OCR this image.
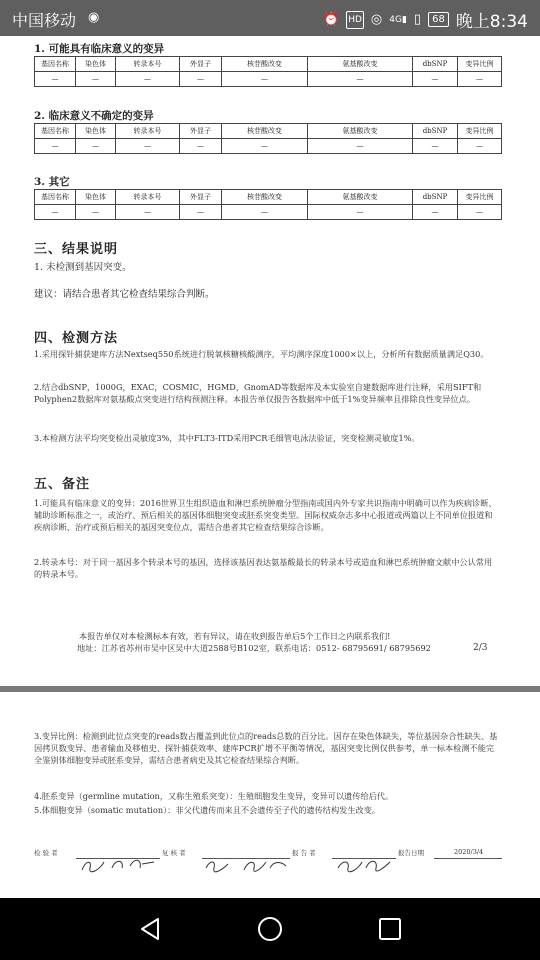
中国移动 ◉	⏰ HD ◎ 4G▮ ▯	68 晚上8:34
1. 可能具有临床意义的变异
基因名称	染色体	转录本号	外显子	核苷酸改变	氨基酸改变	dbSNP	变异比例
—	—	—	—	—	—	—	—
2. 临床意义不确定的变异
基因名称	染色体	转录本号	外显子	核苷酸改变	氨基酸改变	dbSNP	变异比例
—	—	—	—	—	—	—	—
3. 其它
基因名称	染色体	转录本号	外显子	核苷酸改变	氨基酸改变	dbSNP	变异比例
—	—	—	—	—	—	—	—
三、结果说明
1. 未检测到基因突变。
建议：请结合患者其它检查结果综合判断。
四、检测方法
1.采用探针捕获建库方法Nextseq550系统进行脱氧核糖核酸测序，平均测序深度1000×以上，分析所有数据质量满足Q30。
2.结合dbSNP，1000G，EXAC，COSMIC，HGMD，GnomAD等数据库及本实验室自建数据库进行注释，采用SIFT和Polyphen2数据库对氨基酸点突变进行结构预测注释。本报告单仅报告各数据库中低于1%变异频率且排除良性变异位点。
3.本检测方法平均突变检出灵敏度3%，其中FLT3-ITD采用PCR毛细管电泳法验证，突变检测灵敏度1%。
五、备注
1.可能具有临床意义的变异：2016世界卫生组织造血和淋巴系统肿瘤分型指南或国内外专家共识指南中明确可以作为疾病诊断、辅助诊断标准之一，或治疗、预后相关的基因体细胞突变或胚系突变类型。国际权威杂志多中心报道或两篇以上不同单位报道和疾病诊断、治疗或预后相关的基因突变位点，需结合患者其它检查结果综合诊断。
2.转录本号：对于同一基因多个转录本号的基因，选择该基因表达氨基酸最长的转录本号或造血和淋巴系统肿瘤文献中公认常用的转录本号。
本报告单仅对本检测标本有效，若有异议，请在收到报告单后5个工作日之内联系我们!
地址：江苏省苏州市吴中区吴中大道2588号B102室，联系电话：0512- 68795691/ 68795692	2/3
3.变异比例：检测到此位点突变的reads数占覆盖到此位点的reads总数的百分比。因存在染色体缺失，等位基因杂合性缺失、基因拷贝数变异、患者输血及移植史、探针捕获效率、建库PCR扩增不平衡等情况，基因突变比例仅供参考，单一标本检测不能完全鉴别体细胞变异或胚系变异，需结合患者病史及其它检查结果综合判断。
4.胚系变异（germline mutation，又称生殖系突变）：生殖细胞发生变异，变异可以遗传给后代。
5.体细胞变异（somatic mutation）：非父代遗传而来且不会遗传至子代的遗传结构发生改变。
检 验 者	复 核 者	报 告 者	报告日期	2020/3/4
